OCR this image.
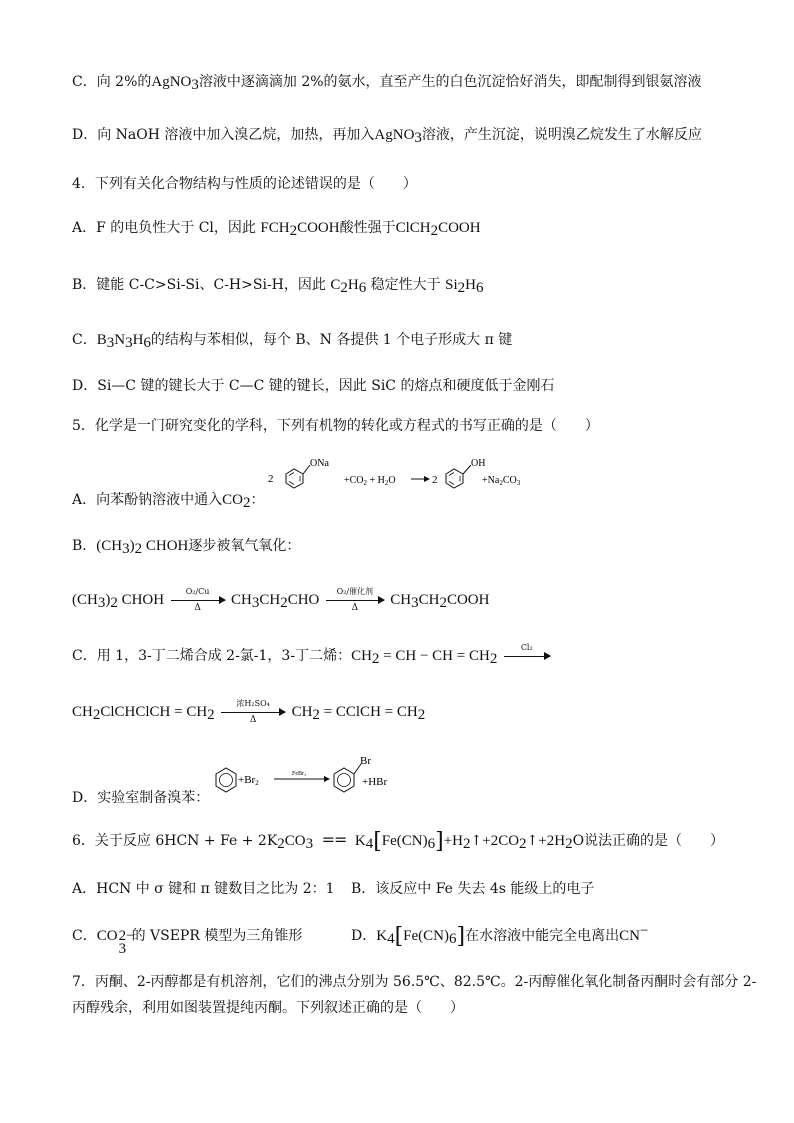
C．向 2%的AgNO$_3$溶液中逐滴滴加 2%的氨水，直至产生的白色沉淀恰好消失，即配制得到银氨溶液
D．向 NaOH 溶液中加入溴乙烷，加热，再加入AgNO$_3$溶液，产生沉淀，说明溴乙烷发生了水解反应
4．下列有关化合物结构与性质的论述错误的是（　　）
A．F 的电负性大于 Cl，因此 $FCH_2COOH$酸性强于ClCH$_2$COOH
B．键能 C-C>Si-Si、C-H>Si-H，因此 $C_2H_6$ 稳定性大于 $Si_2H_6$
C．$B_3N_3H_6$的结构与苯相似，每个 B、N 各提供 1 个电子形成大 π 键
D．Si—C 键的键长大于 C—C 键的键长，因此 SiC 的熔点和硬度低于金刚石
5．化学是一门研究变化的学科，下列有机物的转化或方程式的书写正确的是（　　）
A．向苯酚钠溶液中通入$CO_2$：
2
ONa
$+CO_2 + H_2O$	2
OH
$+Na_2CO_3$
B．$(CH_3)_2$ CHOH逐步被氧气氧化：
$(CH_3)_2$ CHOH $\frac{\text{O₂/Cu}}{\Delta} CH_3CH_2CHO$
O₂/催化剂
Δ	$CH_3CH_2COOH$
C．用 1，3-丁二烯合成 2-氯-1，3-丁二烯：$CH_2$ = CH − CH = $CH_2$
Cl₂
$CH_2ClCHClCH = CH_2$
浓H₂SO₄
Δ	$CH_2$ = CClCH = $CH_2$
D．实验室制备溴苯：
+Br2
FeBr₃
Br
+HBr
6．关于反应 $6HCN + Fe + 2K_2CO_3$ == $K_4[Fe(CN)_6]+H_2↑+2CO_2↑+2H_2O$说法正确的是（　　）
A．HCN 中 σ 键和 π 键数目之比为 2：1 B．该反应中 Fe 失去 4s 能级上的电子
C．CO 2−
3
的 VSEPR 模型为三角锥形	D．$K_4[Fe(CN)_6]$在水溶液中能完全电离出CN−
7．丙酮、2-丙醇都是有机溶剂，它们的沸点分别为 56.5℃、82.5℃。2-丙醇催化氧化制备丙酮时会有部分 2-
丙醇残余，利用如图装置提纯丙酮。下列叙述正确的是（　　）
